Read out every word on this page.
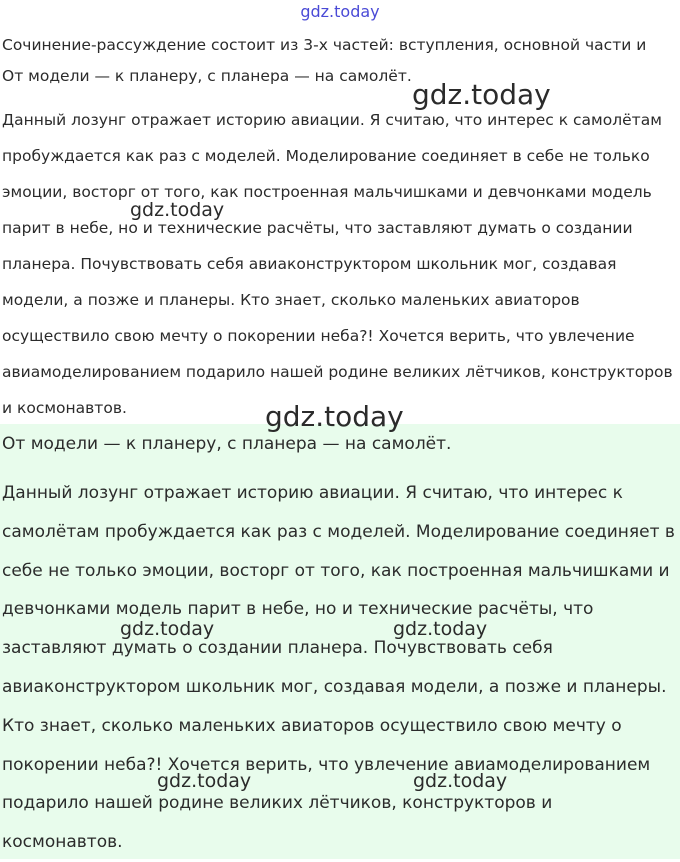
gdz.today

Сочинение-рассуждение состоит из 3-х частей: вступления, основной части и

От модели — к планеру, с планера — на самолёт.

Данный лозунг отражает историю авиации. Я считаю, что интерес к самолётам пробуждается как раз с моделей. Моделирование соединяет в себе не только эмоции, восторг от того, как построенная мальчишками и девчонками модель парит в небе, но и технические расчёты, что заставляют думать о создании планера. Почувствовать себя авиаконструктором школьник мог, создавая модели, а позже и планеры. Кто знает, сколько маленьких авиаторов осуществило свою мечту о покорении неба?! Хочется верить, что увлечение авиамоделированием подарило нашей родине великих лётчиков, конструкторов и космонавтов.

От модели — к планеру, с планера — на самолёт.

Данный лозунг отражает историю авиации. Я считаю, что интерес к самолётам пробуждается как раз с моделей. Моделирование соединяет в себе не только эмоции, восторг от того, как построенная мальчишками и девчонками модель парит в небе, но и технические расчёты, что заставляют думать о создании планера. Почувствовать себя авиаконструктором школьник мог, создавая модели, а позже и планеры. Кто знает, сколько маленьких авиаторов осуществило свою мечту о покорении неба?! Хочется верить, что увлечение авиамоделированием подарило нашей родине великих лётчиков, конструкторов и космонавтов.

gdz.today
gdz.today
gdz.today
gdz.today	gdz.today
gdz.today	gdz.today
